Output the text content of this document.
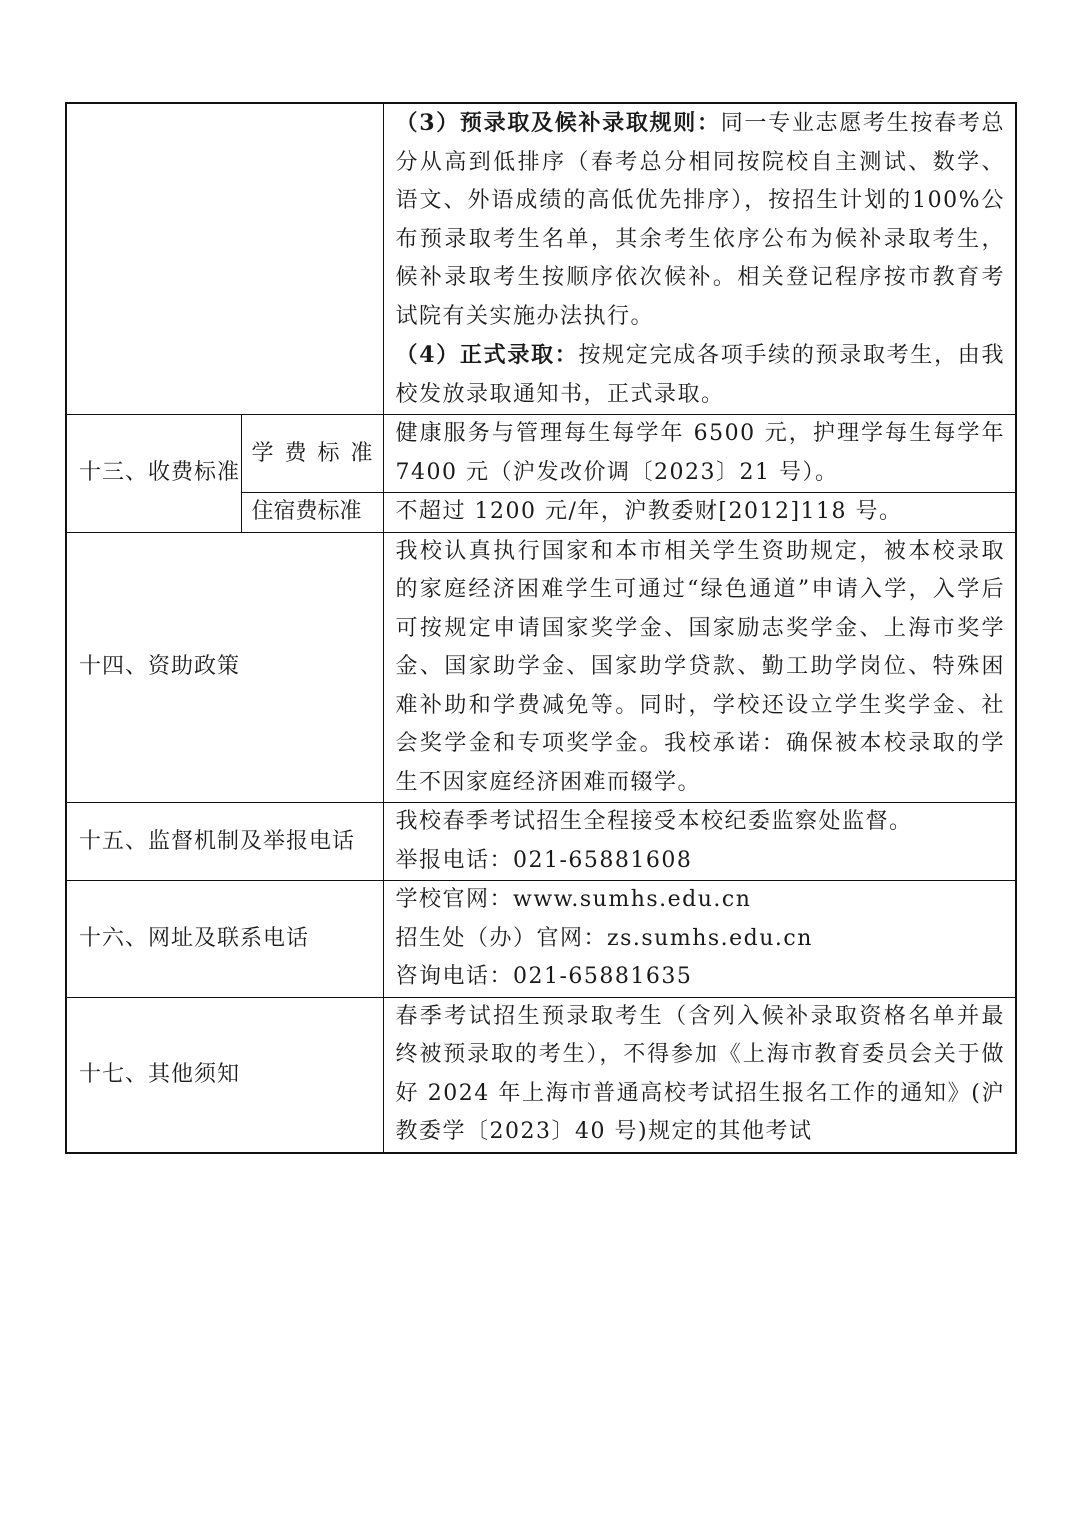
		（3）预录取及候补录取规则：同一专业志愿考生按春考总分从高到低排序（春考总分相同按院校自主测试、数学、语文、外语成绩的高低优先排序），按招生计划的100%公布预录取考生名单，其余考生依序公布为候补录取考生，候补录取考生按顺序依次候补。相关登记程序按市教育考试院有关实施办法执行。

（4）正式录取：按规定完成各项手续的预录取考生，由我校发放录取通知书，正式录取。

十三、收费标准	学费标准	健康服务与管理每生每学年 6500 元，护理学每生每学年 7400 元（沪发改价调〔2023〕21 号）。

	住宿费标准	不超过 1200 元/年，沪教委财[2012]118 号。

十四、资助政策		我校认真执行国家和本市相关学生资助规定，被本校录取的家庭经济困难学生可通过“绿色通道”申请入学，入学后可按规定申请国家奖学金、国家励志奖学金、上海市奖学金、国家助学金、国家助学贷款、勤工助学岗位、特殊困难补助和学费减免等。同时，学校还设立学生奖学金、社会奖学金和专项奖学金。我校承诺：确保被本校录取的学生不因家庭经济困难而辍学。

十五、监督机制及举报电话		我校春季考试招生全程接受本校纪委监察处监督。

举报电话：021-65881608

十六、网址及联系电话		学校官网：www.sumhs.edu.cn

招生处（办）官网：zs.sumhs.edu.cn

咨询电话：021-65881635

十七、其他须知		春季考试招生预录取考生（含列入候补录取资格名单并最终被预录取的考生），不得参加《上海市教育委员会关于做好 2024 年上海市普通高校考试招生报名工作的通知》(沪教委学〔2023〕40 号)规定的其他考试
